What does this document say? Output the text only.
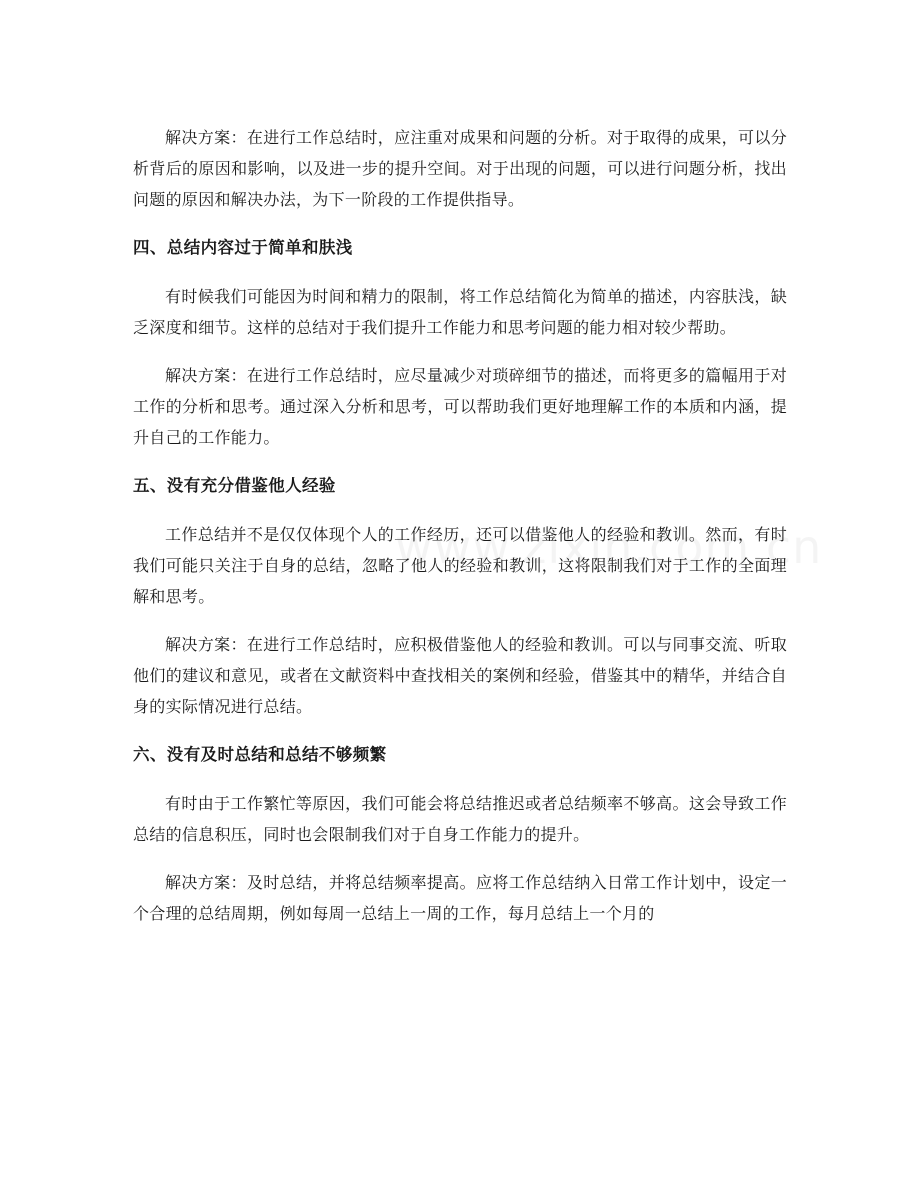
解决方案：在进行工作总结时，应注重对成果和问题的分析。对于取得的成果，可以分析背后的原因和影响，以及进一步的提升空间。对于出现的问题，可以进行问题分析，找出问题的原因和解决办法，为下一阶段的工作提供指导。

四、总结内容过于简单和肤浅

有时候我们可能因为时间和精力的限制，将工作总结简化为简单的描述，内容肤浅，缺乏深度和细节。这样的总结对于我们提升工作能力和思考问题的能力相对较少帮助。

解决方案：在进行工作总结时，应尽量减少对琐碎细节的描述，而将更多的篇幅用于对工作的分析和思考。通过深入分析和思考，可以帮助我们更好地理解工作的本质和内涵，提升自己的工作能力。

五、没有充分借鉴他人经验

工作总结并不是仅仅体现个人的工作经历，还可以借鉴他人的经验和教训。然而，有时我们可能只关注于自身的总结，忽略了他人的经验和教训，这将限制我们对于工作的全面理解和思考。

解决方案：在进行工作总结时，应积极借鉴他人的经验和教训。可以与同事交流、听取他们的建议和意见，或者在文献资料中查找相关的案例和经验，借鉴其中的精华，并结合自身的实际情况进行总结。

六、没有及时总结和总结不够频繁

有时由于工作繁忙等原因，我们可能会将总结推迟或者总结频率不够高。这会导致工作总结的信息积压，同时也会限制我们对于自身工作能力的提升。

解决方案：及时总结，并将总结频率提高。应将工作总结纳入日常工作计划中，设定一个合理的总结周期，例如每周一总结上一周的工作，每月总结上一个月的
